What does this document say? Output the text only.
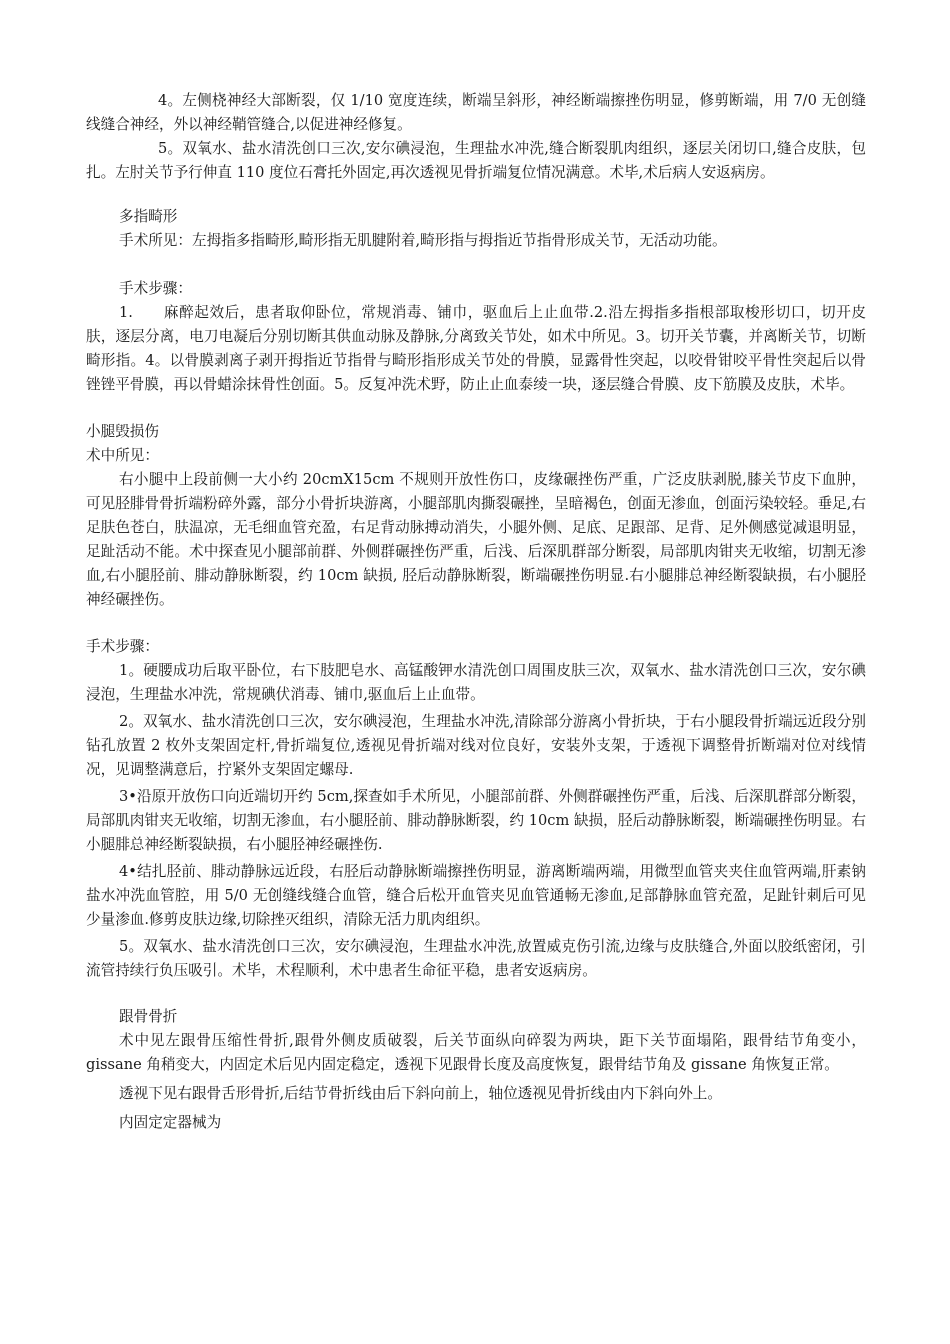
4。左侧桡神经大部断裂，仅 1/10 宽度连续，断端呈斜形，神经断端擦挫伤明显，修剪断端，用 7/0 无创缝线缝合神经，外以神经鞘管缝合,以促进神经修复。

5。双氧水、盐水清洗创口三次,安尔碘浸泡，生理盐水冲洗,缝合断裂肌肉组织，逐层关闭切口,缝合皮肤，包扎。左肘关节予行伸直 110 度位石膏托外固定,再次透视见骨折端复位情况满意。术毕,术后病人安返病房。

多指畸形

手术所见：左拇指多指畸形,畸形指无肌腱附着,畸形指与拇指近节指骨形成关节，无活动功能。

手术步骤：

1.　　麻醉起效后，患者取仰卧位，常规消毒、铺巾，驱血后上止血带.2.沿左拇指多指根部取梭形切口，切开皮肤，逐层分离，电刀电凝后分别切断其供血动脉及静脉,分离致关节处，如术中所见。3。切开关节囊，并离断关节，切断畸形指。4。以骨膜剥离子剥开拇指近节指骨与畸形指形成关节处的骨膜，显露骨性突起，以咬骨钳咬平骨性突起后以骨锉锉平骨膜，再以骨蜡涂抹骨性创面。5。反复冲洗术野，防止止血泰绫一块，逐层缝合骨膜、皮下筋膜及皮肤，术毕。

小腿毁损伤

术中所见：

右小腿中上段前侧一大小约 20cmX15cm 不规则开放性伤口，皮缘碾挫伤严重，广泛皮肤剥脱,膝关节皮下血肿，可见胫腓骨骨折端粉碎外露，部分小骨折块游离，小腿部肌肉撕裂碾挫，呈暗褐色，创面无渗血，创面污染较轻。垂足,右足肤色苍白，肤温凉，无毛细血管充盈，右足背动脉搏动消失，小腿外侧、足底、足跟部、足背、足外侧感觉减退明显，足趾活动不能。术中探查见小腿部前群、外侧群碾挫伤严重，后浅、后深肌群部分断裂，局部肌肉钳夹无收缩，切割无渗血,右小腿胫前、腓动静脉断裂，约 10cm 缺损, 胫后动静脉断裂，断端碾挫伤明显.右小腿腓总神经断裂缺损，右小腿胫神经碾挫伤。

手术步骤：

1。硬腰成功后取平卧位，右下肢肥皂水、高锰酸钾水清洗创口周围皮肤三次，双氧水、盐水清洗创口三次，安尔碘浸泡，生理盐水冲洗，常规碘伏消毒、铺巾,驱血后上止血带。

2。双氧水、盐水清洗创口三次，安尔碘浸泡，生理盐水冲洗,清除部分游离小骨折块，于右小腿段骨折端远近段分别钻孔放置 2 枚外支架固定杆,骨折端复位,透视见骨折端对线对位良好，安装外支架，于透视下调整骨折断端对位对线情况，见调整满意后，拧紧外支架固定螺母.

3•沿原开放伤口向近端切开约 5cm,探查如手术所见，小腿部前群、外侧群碾挫伤严重，后浅、后深肌群部分断裂，局部肌肉钳夹无收缩，切割无渗血，右小腿胫前、腓动静脉断裂，约 10cm 缺损，胫后动静脉断裂，断端碾挫伤明显。右小腿腓总神经断裂缺损，右小腿胫神经碾挫伤.

4•结扎胫前、腓动静脉远近段，右胫后动静脉断端擦挫伤明显，游离断端两端，用微型血管夹夹住血管两端,肝素钠盐水冲洗血管腔，用 5/0 无创缝线缝合血管，缝合后松开血管夹见血管通畅无渗血,足部静脉血管充盈，足趾针刺后可见少量渗血.修剪皮肤边缘,切除挫灭组织，清除无活力肌肉组织。

5。双氧水、盐水清洗创口三次，安尔碘浸泡，生理盐水冲洗,放置威克伤引流,边缘与皮肤缝合,外面以胶纸密闭，引流管持续行负压吸引。术毕，术程顺利，术中患者生命征平稳，患者安返病房。

跟骨骨折

术中见左跟骨压缩性骨折,跟骨外侧皮质破裂，后关节面纵向碎裂为两块，距下关节面塌陷，跟骨结节角变小，gissane 角稍变大，内固定术后见内固定稳定，透视下见跟骨长度及高度恢复，跟骨结节角及 gissane 角恢复正常。

透视下见右跟骨舌形骨折,后结节骨折线由后下斜向前上，轴位透视见骨折线由内下斜向外上。

内固定定器械为
